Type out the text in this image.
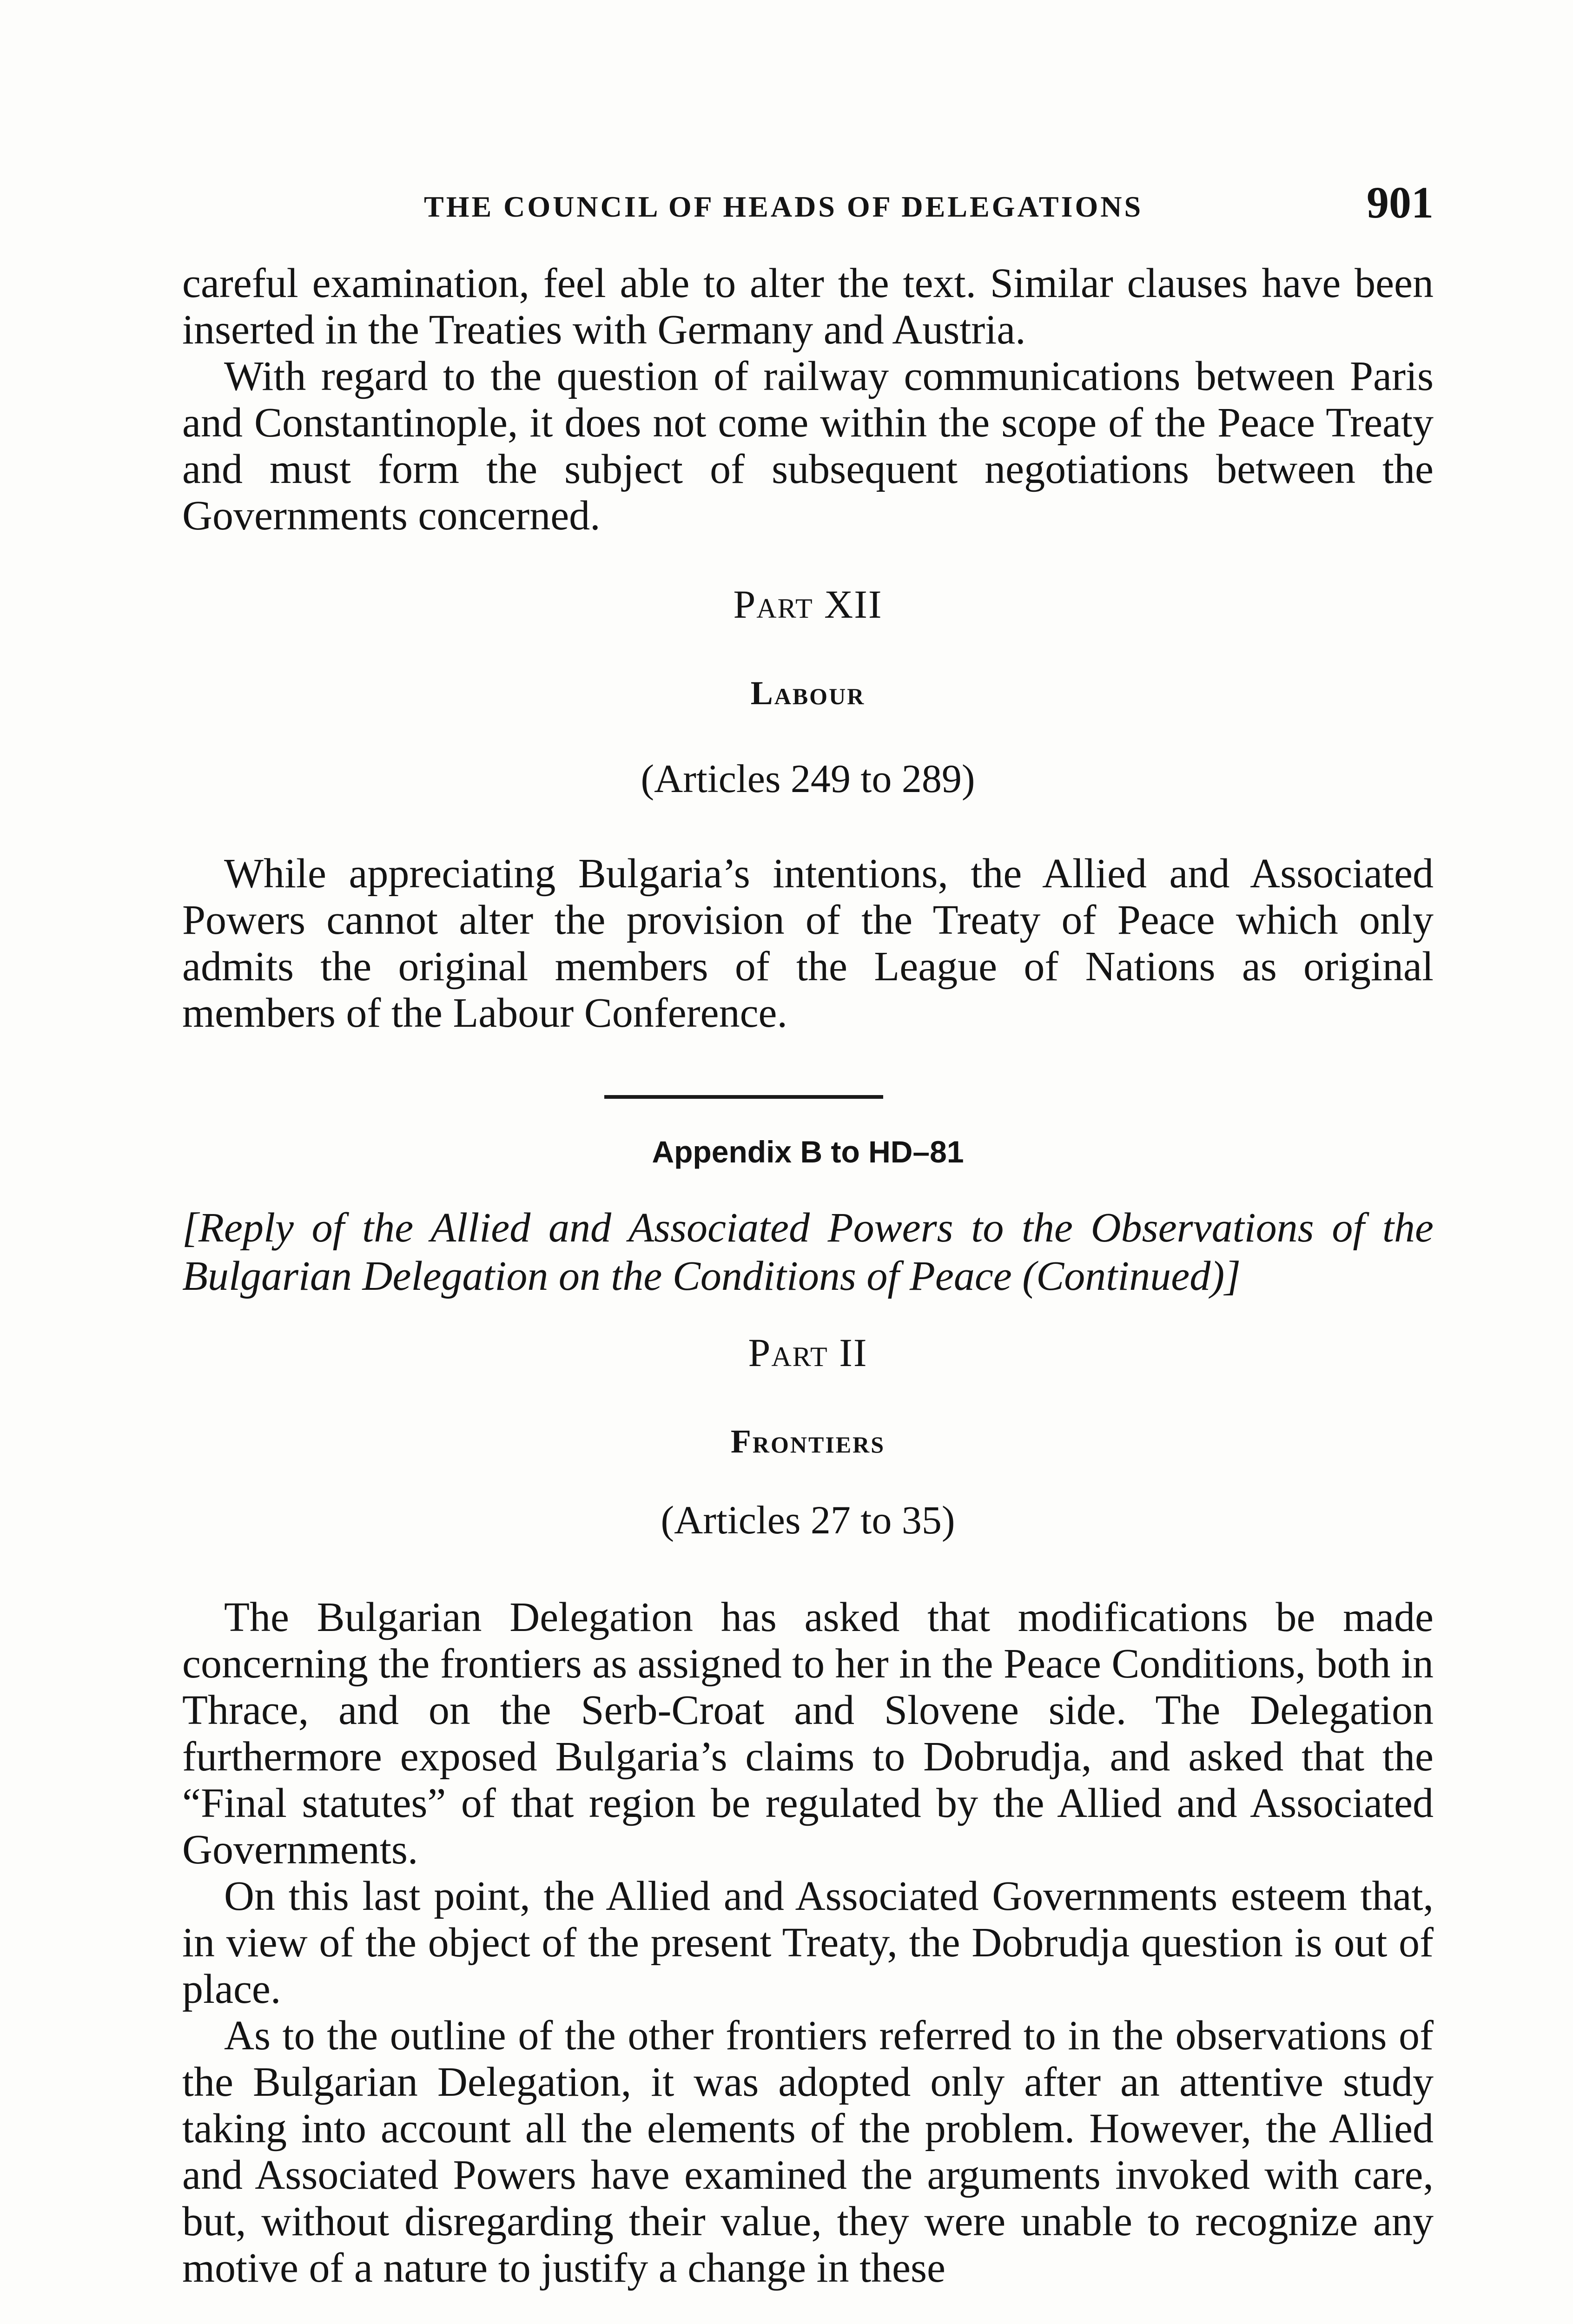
THE COUNCIL OF HEADS OF DELEGATIONS	901

careful examination, feel able to alter the text. Similar clauses have been inserted in the Treaties with Germany and Austria.

With regard to the question of railway communications between Paris and Constantinople, it does not come within the scope of the Peace Treaty and must form the subject of subsequent negotiations between the Governments concerned.

Part XII
Labour
(Articles 249 to 289)

While appreciating Bulgaria’s intentions, the Allied and Associated Powers cannot alter the provision of the Treaty of Peace which only admits the original members of the League of Nations as original members of the Labour Conference.

Appendix B to HD–81
[Reply of the Allied and Associated Powers to the Observations of the Bulgarian Delegation on the Conditions of Peace (Continued)]
Part II
Frontiers
(Articles 27 to 35)

The Bulgarian Delegation has asked that modifications be made concerning the frontiers as assigned to her in the Peace Conditions, both in Thrace, and on the Serb-Croat and Slovene side. The Delegation furthermore exposed Bulgaria’s claims to Dobrudja, and asked that the “Final statutes” of that region be regulated by the Allied and Associated Governments.

On this last point, the Allied and Associated Governments esteem that, in view of the object of the present Treaty, the Dobrudja question is out of place.

As to the outline of the other frontiers referred to in the observations of the Bulgarian Delegation, it was adopted only after an attentive study taking into account all the elements of the problem. However, the Allied and Associated Powers have examined the arguments invoked with care, but, without disregarding their value, they were unable to recognize any motive of a nature to justify a change in these
